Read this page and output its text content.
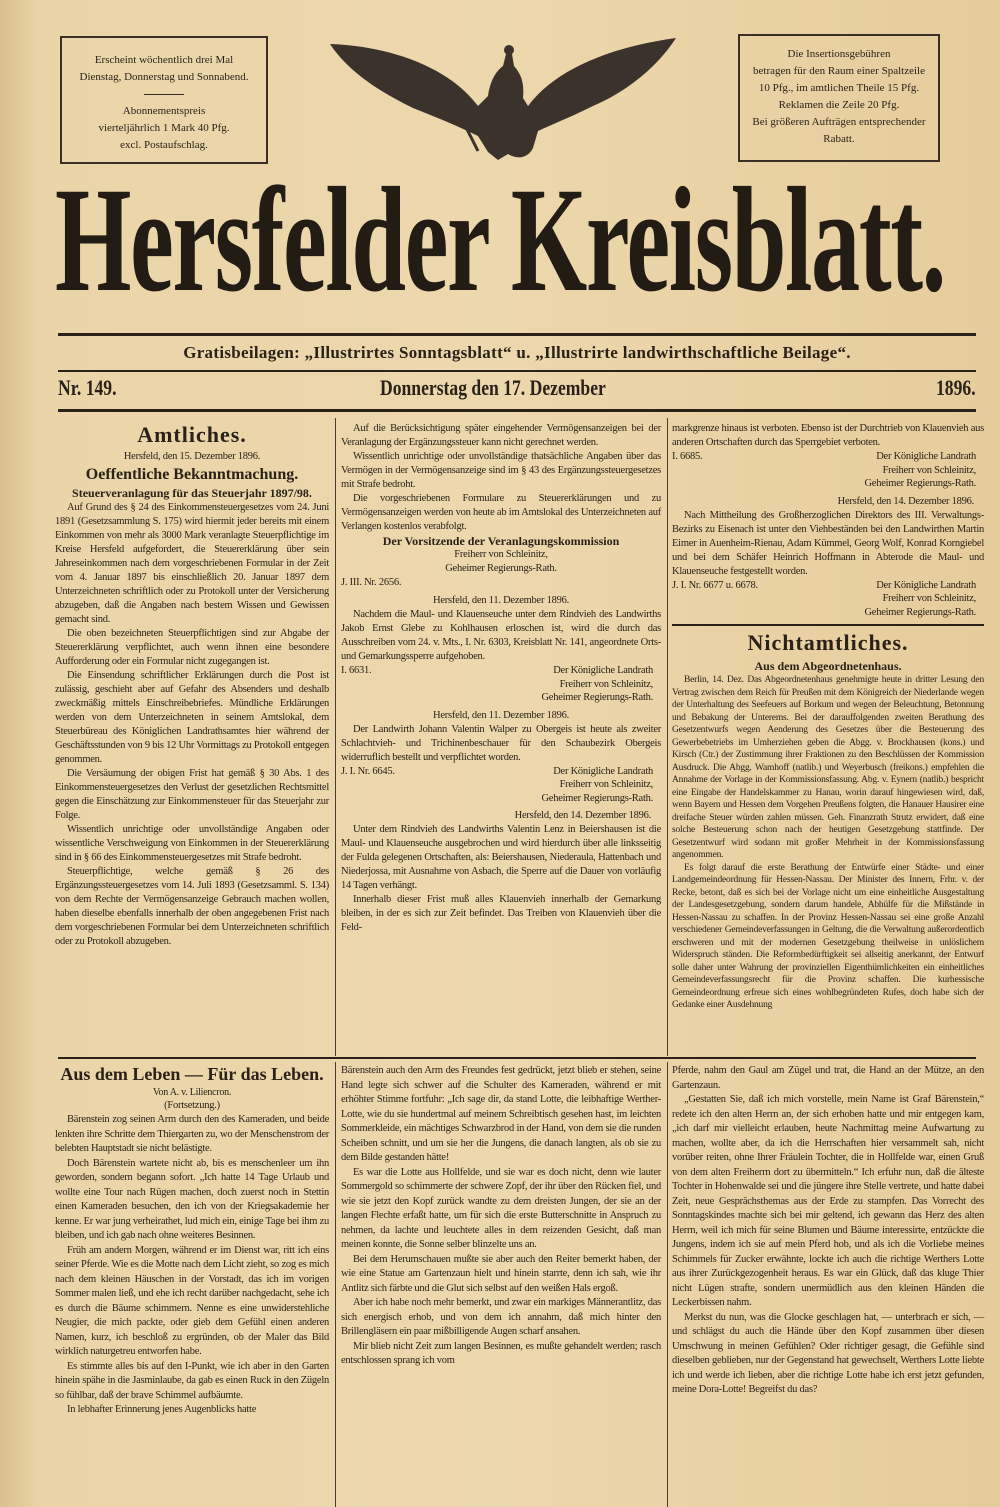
Erscheint wöchentlich drei Mal
Dienstag, Donnerstag und Sonnabend.
Abonnementspreis
vierteljährlich 1 Mark 40 Pfg.
excl. Postaufschlag.
Die Insertionsgebühren
betragen für den Raum einer Spaltzeile
10 Pfg., im amtlichen Theile 15 Pfg.
Reklamen die Zeile 20 Pfg.
Bei größeren Aufträgen entsprechender
Rabatt.
Hersfelder Kreisblatt.
Gratisbeilagen: „Illustrirtes Sonntagsblatt“ u. „Illustrirte landwirthschaftliche Beilage“.
Nr. 149.	Donnerstag den 17. Dezember	1896.
Amtliches.

Hersfeld, den 15. Dezember 1896.

Oeffentliche Bekanntmachung.
Steuerveranlagung für das Steuerjahr 1897/98.

Auf Grund des § 24 des Einkommensteuergesetzes vom 24. Juni 1891 (Gesetzsammlung S. 175) wird hiermit jeder bereits mit einem Einkommen von mehr als 3000 Mark veranlagte Steuerpflichtige im Kreise Hersfeld aufgefordert, die Steuererklärung über sein Jahreseinkommen nach dem vorgeschriebenen Formular in der Zeit vom 4. Januar 1897 bis einschließlich 20. Januar 1897 dem Unterzeichneten schriftlich oder zu Protokoll unter der Versicherung abzugeben, daß die Angaben nach bestem Wissen und Gewissen gemacht sind.

Die oben bezeichneten Steuerpflichtigen sind zur Abgabe der Steuererklärung verpflichtet, auch wenn ihnen eine besondere Aufforderung oder ein Formular nicht zugegangen ist.

Die Einsendung schriftlicher Erklärungen durch die Post ist zulässig, geschieht aber auf Gefahr des Absenders und deshalb zweckmäßig mittels Einschreibebriefes. Mündliche Erklärungen werden von dem Unterzeichneten in seinem Amtslokal, dem Steuerbüreau des Königlichen Landrathsamtes hier während der Geschäftsstunden von 9 bis 12 Uhr Vormittags zu Protokoll entgegen genommen.

Die Versäumung der obigen Frist hat gemäß § 30 Abs. 1 des Einkommensteuergesetzes den Verlust der gesetzlichen Rechtsmittel gegen die Einschätzung zur Einkommensteuer für das Steuerjahr zur Folge.

Wissentlich unrichtige oder unvollständige Angaben oder wissentliche Verschweigung von Einkommen in der Steuererklärung sind in § 66 des Einkommensteuergesetzes mit Strafe bedroht.

Steuerpflichtige, welche gemäß § 26 des Ergänzungssteuergesetzes vom 14. Juli 1893 (Gesetzsamml. S. 134) von dem Rechte der Vermögensanzeige Gebrauch machen wollen, haben dieselbe ebenfalls innerhalb der oben angegebenen Frist nach dem vorgeschriebenen Formular bei dem Unterzeichneten schriftlich oder zu Protokoll abzugeben.

Auf die Berücksichtigung später eingehender Vermögensanzeigen bei der Veranlagung der Ergänzungssteuer kann nicht gerechnet werden.

Wissentlich unrichtige oder unvollständige thatsächliche Angaben über das Vermögen in der Vermögensanzeige sind im § 43 des Ergänzungssteuergesetzes mit Strafe bedroht.

Die vorgeschriebenen Formulare zu Steuererklärungen und zu Vermögensanzeigen werden von heute ab im Amtslokal des Unterzeichneten auf Verlangen kostenlos verabfolgt.

Der Vorsitzende der Veranlagungskommission
Freiherr von Schleinitz,
Geheimer Regierungs-Rath.
J. III. Nr. 2656.

Hersfeld, den 11. Dezember 1896.

Nachdem die Maul- und Klauenseuche unter dem Rindvieh des Landwirths Jakob Ernst Glebe zu Kohlhausen erloschen ist, wird die durch das Ausschreiben vom 24. v. Mts., I. Nr. 6303, Kreisblatt Nr. 141, angeordnete Orts- und Gemarkungssperre aufgehoben.

I. 6631.	Der Königliche Landrath
Freiherr von Schleinitz,
Geheimer Regierungs-Rath.

Hersfeld, den 11. Dezember 1896.

Der Landwirth Johann Valentin Walper zu Obergeis ist heute als zweiter Schlachtvieh- und Trichinenbeschauer für den Schaubezirk Obergeis widerruflich bestellt und verpflichtet worden.

J. I. Nr. 6645.	Der Königliche Landrath
Freiherr von Schleinitz,
Geheimer Regierungs-Rath.

Hersfeld, den 14. Dezember 1896.

Unter dem Rindvieh des Landwirths Valentin Lenz in Beiershausen ist die Maul- und Klauenseuche ausgebrochen und wird hierdurch über alle linksseitig der Fulda gelegenen Ortschaften, als: Beiershausen, Niederaula, Hattenbach und Niederjossa, mit Ausnahme von Asbach, die Sperre auf die Dauer von vorläufig 14 Tagen verhängt.

Innerhalb dieser Frist muß alles Klauenvieh innerhalb der Gemarkung bleiben, in der es sich zur Zeit befindet. Das Treiben von Klauenvieh über die Feld-

markgrenze hinaus ist verboten. Ebenso ist der Durchtrieb von Klauenvieh aus anderen Ortschaften durch das Sperrgebiet verboten.

I. 6685.	Der Königliche Landrath
Freiherr von Schleinitz,
Geheimer Regierungs-Rath.

Hersfeld, den 14. Dezember 1896.

Nach Mittheilung des Großherzoglichen Direktors des III. Verwaltungs-Bezirks zu Eisenach ist unter den Viehbeständen bei den Landwirthen Martin Eimer in Auenheim-Rienau, Adam Kümmel, Georg Wolf, Konrad Korngiebel und bei dem Schäfer Heinrich Hoffmann in Abterode die Maul- und Klauenseuche festgestellt worden.

J. I. Nr. 6677 u. 6678.	Der Königliche Landrath
Freiherr von Schleinitz,
Geheimer Regierungs-Rath.
Nichtamtliches.
Aus dem Abgeordnetenhaus.

Berlin, 14. Dez. Das Abgeordnetenhaus genehmigte heute in dritter Lesung den Vertrag zwischen dem Reich für Preußen mit dem Königreich der Niederlande wegen der Unterhaltung des Seefeuers auf Borkum und wegen der Beleuchtung, Betonnung und Bebakung der Unterems. Bei der darauffolgenden zweiten Berathung des Gesetzentwurfs wegen Aenderung des Gesetzes über die Besteuerung des Gewerbebetriebs im Umherziehen geben die Abgg. v. Brockhausen (kons.) und Kirsch (Ctr.) der Zustimmung ihrer Fraktionen zu den Beschlüssen der Kommission Ausdruck. Die Abgg. Wamhoff (natlib.) und Weyerbusch (freikons.) empfehlen die Annahme der Vorlage in der Kommissionsfassung. Abg. v. Eynern (natlib.) bespricht eine Eingabe der Handelskammer zu Hanau, worin darauf hingewiesen wird, daß, wenn Bayern und Hessen dem Vorgehen Preußens folgten, die Hanauer Hausirer eine dreifache Steuer würden zahlen müssen. Geh. Finanzrath Strutz erwidert, daß eine solche Besteuerung schon nach der heutigen Gesetzgebung stattfinde. Der Gesetzentwurf wird sodann mit großer Mehrheit in der Kommissionsfassung angenommen.

Es folgt darauf die erste Berathung der Entwürfe einer Städte- und einer Landgemeindeordnung für Hessen-Nassau. Der Minister des Innern, Frhr. v. der Recke, betont, daß es sich bei der Vorlage nicht um eine einheitliche Ausgestaltung der Landesgesetzgebung, sondern darum handele, Abhülfe für die Mißstände in Hessen-Nassau zu schaffen. In der Provinz Hessen-Nassau sei eine große Anzahl verschiedener Gemeindeverfassungen in Geltung, die die Verwaltung außerordentlich erschweren und mit der modernen Gesetzgebung theilweise in unlöslichem Widerspruch ständen. Die Reformbedürftigkeit sei allseitig anerkannt, der Entwurf solle daher unter Wahrung der provinziellen Eigenthümlichkeiten ein einheitliches Gemeindeverfassungsrecht für die Provinz schaffen. Die kurhessische Gemeindeordnung erfreue sich eines wohlbegründeten Rufes, doch habe sich der Gedanke einer Ausdehnung

Aus dem Leben — Für das Leben.
Von A. v. Liliencron.
(Fortsetzung.)

Bärenstein zog seinen Arm durch den des Kameraden, und beide lenkten ihre Schritte dem Thiergarten zu, wo der Menschenstrom der belebten Hauptstadt sie nicht belästigte.

Doch Bärenstein wartete nicht ab, bis es menschenleer um ihn geworden, sondern begann sofort. „Ich hatte 14 Tage Urlaub und wollte eine Tour nach Rügen machen, doch zuerst noch in Stettin einen Kameraden besuchen, den ich von der Kriegsakademie her kenne. Er war jung verheirathet, lud mich ein, einige Tage bei ihm zu bleiben, und ich gab nach ohne weiteres Besinnen.

Früh am andern Morgen, während er im Dienst war, ritt ich eins seiner Pferde. Wie es die Motte nach dem Licht zieht, so zog es mich nach dem kleinen Häuschen in der Vorstadt, das ich im vorigen Sommer malen ließ, und ehe ich recht darüber nachgedacht, sehe ich es durch die Bäume schimmern. Nenne es eine unwiderstehliche Neugier, die mich packte, oder gieb dem Gefühl einen anderen Namen, kurz, ich beschloß zu ergründen, ob der Maler das Bild wirklich naturgetreu entworfen habe.

Es stimmte alles bis auf den I-Punkt, wie ich aber in den Garten hinein spähe in die Jasminlaube, da gab es einen Ruck in den Zügeln so fühlbar, daß der brave Schimmel aufbäumte.

In lebhafter Erinnerung jenes Augenblicks hatte

Bärenstein auch den Arm des Freundes fest gedrückt, jetzt blieb er stehen, seine Hand legte sich schwer auf die Schulter des Kameraden, während er mit erhöhter Stimme fortfuhr: „Ich sage dir, da stand Lotte, die leibhaftige Werther-Lotte, wie du sie hundertmal auf meinem Schreibtisch gesehen hast, im leichten Sommerkleide, ein mächtiges Schwarzbrod in der Hand, von dem sie die runden Scheiben schnitt, und um sie her die Jungens, die danach langten, als ob sie zu dem Bilde gestanden hätte!

Es war die Lotte aus Hollfelde, und sie war es doch nicht, denn wie lauter Sommergold so schimmerte der schwere Zopf, der ihr über den Rücken fiel, und wie sie jetzt den Kopf zurück wandte zu dem dreisten Jungen, der sie an der langen Flechte erfaßt hatte, um für sich die erste Butterschnitte in Anspruch zu nehmen, da lachte und leuchtete alles in dem reizenden Gesicht, daß man meinen konnte, die Sonne selber blinzelte uns an.

Bei dem Herumschauen mußte sie aber auch den Reiter bemerkt haben, der wie eine Statue am Gartenzaun hielt und hinein starrte, denn ich sah, wie ihr Antlitz sich färbte und die Glut sich selbst auf den weißen Hals ergoß.

Aber ich habe noch mehr bemerkt, und zwar ein markiges Männerantlitz, das sich energisch erhob, und von dem ich annahm, daß mich hinter den Brillengläsern ein paar mißbilligende Augen scharf ansahen.

Mir blieb nicht Zeit zum langen Besinnen, es mußte gehandelt werden; rasch entschlossen sprang ich vom

Pferde, nahm den Gaul am Zügel und trat, die Hand an der Mütze, an den Gartenzaun.

„Gestatten Sie, daß ich mich vorstelle, mein Name ist Graf Bärenstein,“ redete ich den alten Herrn an, der sich erhoben hatte und mir entgegen kam, „ich darf mir vielleicht erlauben, heute Nachmittag meine Aufwartung zu machen, wollte aber, da ich die Herrschaften hier versammelt sah, nicht vorüber reiten, ohne Ihrer Fräulein Tochter, die in Hollfelde war, einen Gruß von dem alten Freiherrn dort zu übermitteln.“ Ich erfuhr nun, daß die älteste Tochter in Hohenwalde sei und die jüngere ihre Stelle vertrete, und hatte dabei Zeit, neue Gesprächsthemas aus der Erde zu stampfen. Das Vorrecht des Sonntagskindes machte sich bei mir geltend, ich gewann das Herz des alten Herrn, weil ich mich für seine Blumen und Bäume interessirte, entzückte die Jungens, indem ich sie auf mein Pferd hob, und als ich die Vorliebe meines Schimmels für Zucker erwähnte, lockte ich auch die richtige Werthers Lotte aus ihrer Zurückgezogenheit heraus. Es war ein Glück, daß das kluge Thier nicht Lügen strafte, sondern unermüdlich aus den kleinen Händen die Leckerbissen nahm.

Merkst du nun, was die Glocke geschlagen hat, — unterbrach er sich, — und schlägst du auch die Hände über den Kopf zusammen über diesen Umschwung in meinen Gefühlen? Oder richtiger gesagt, die Gefühle sind dieselben geblieben, nur der Gegenstand hat gewechselt, Werthers Lotte liebte ich und werde ich lieben, aber die richtige Lotte habe ich erst jetzt gefunden, meine Dora-Lotte! Begreifst du das?
